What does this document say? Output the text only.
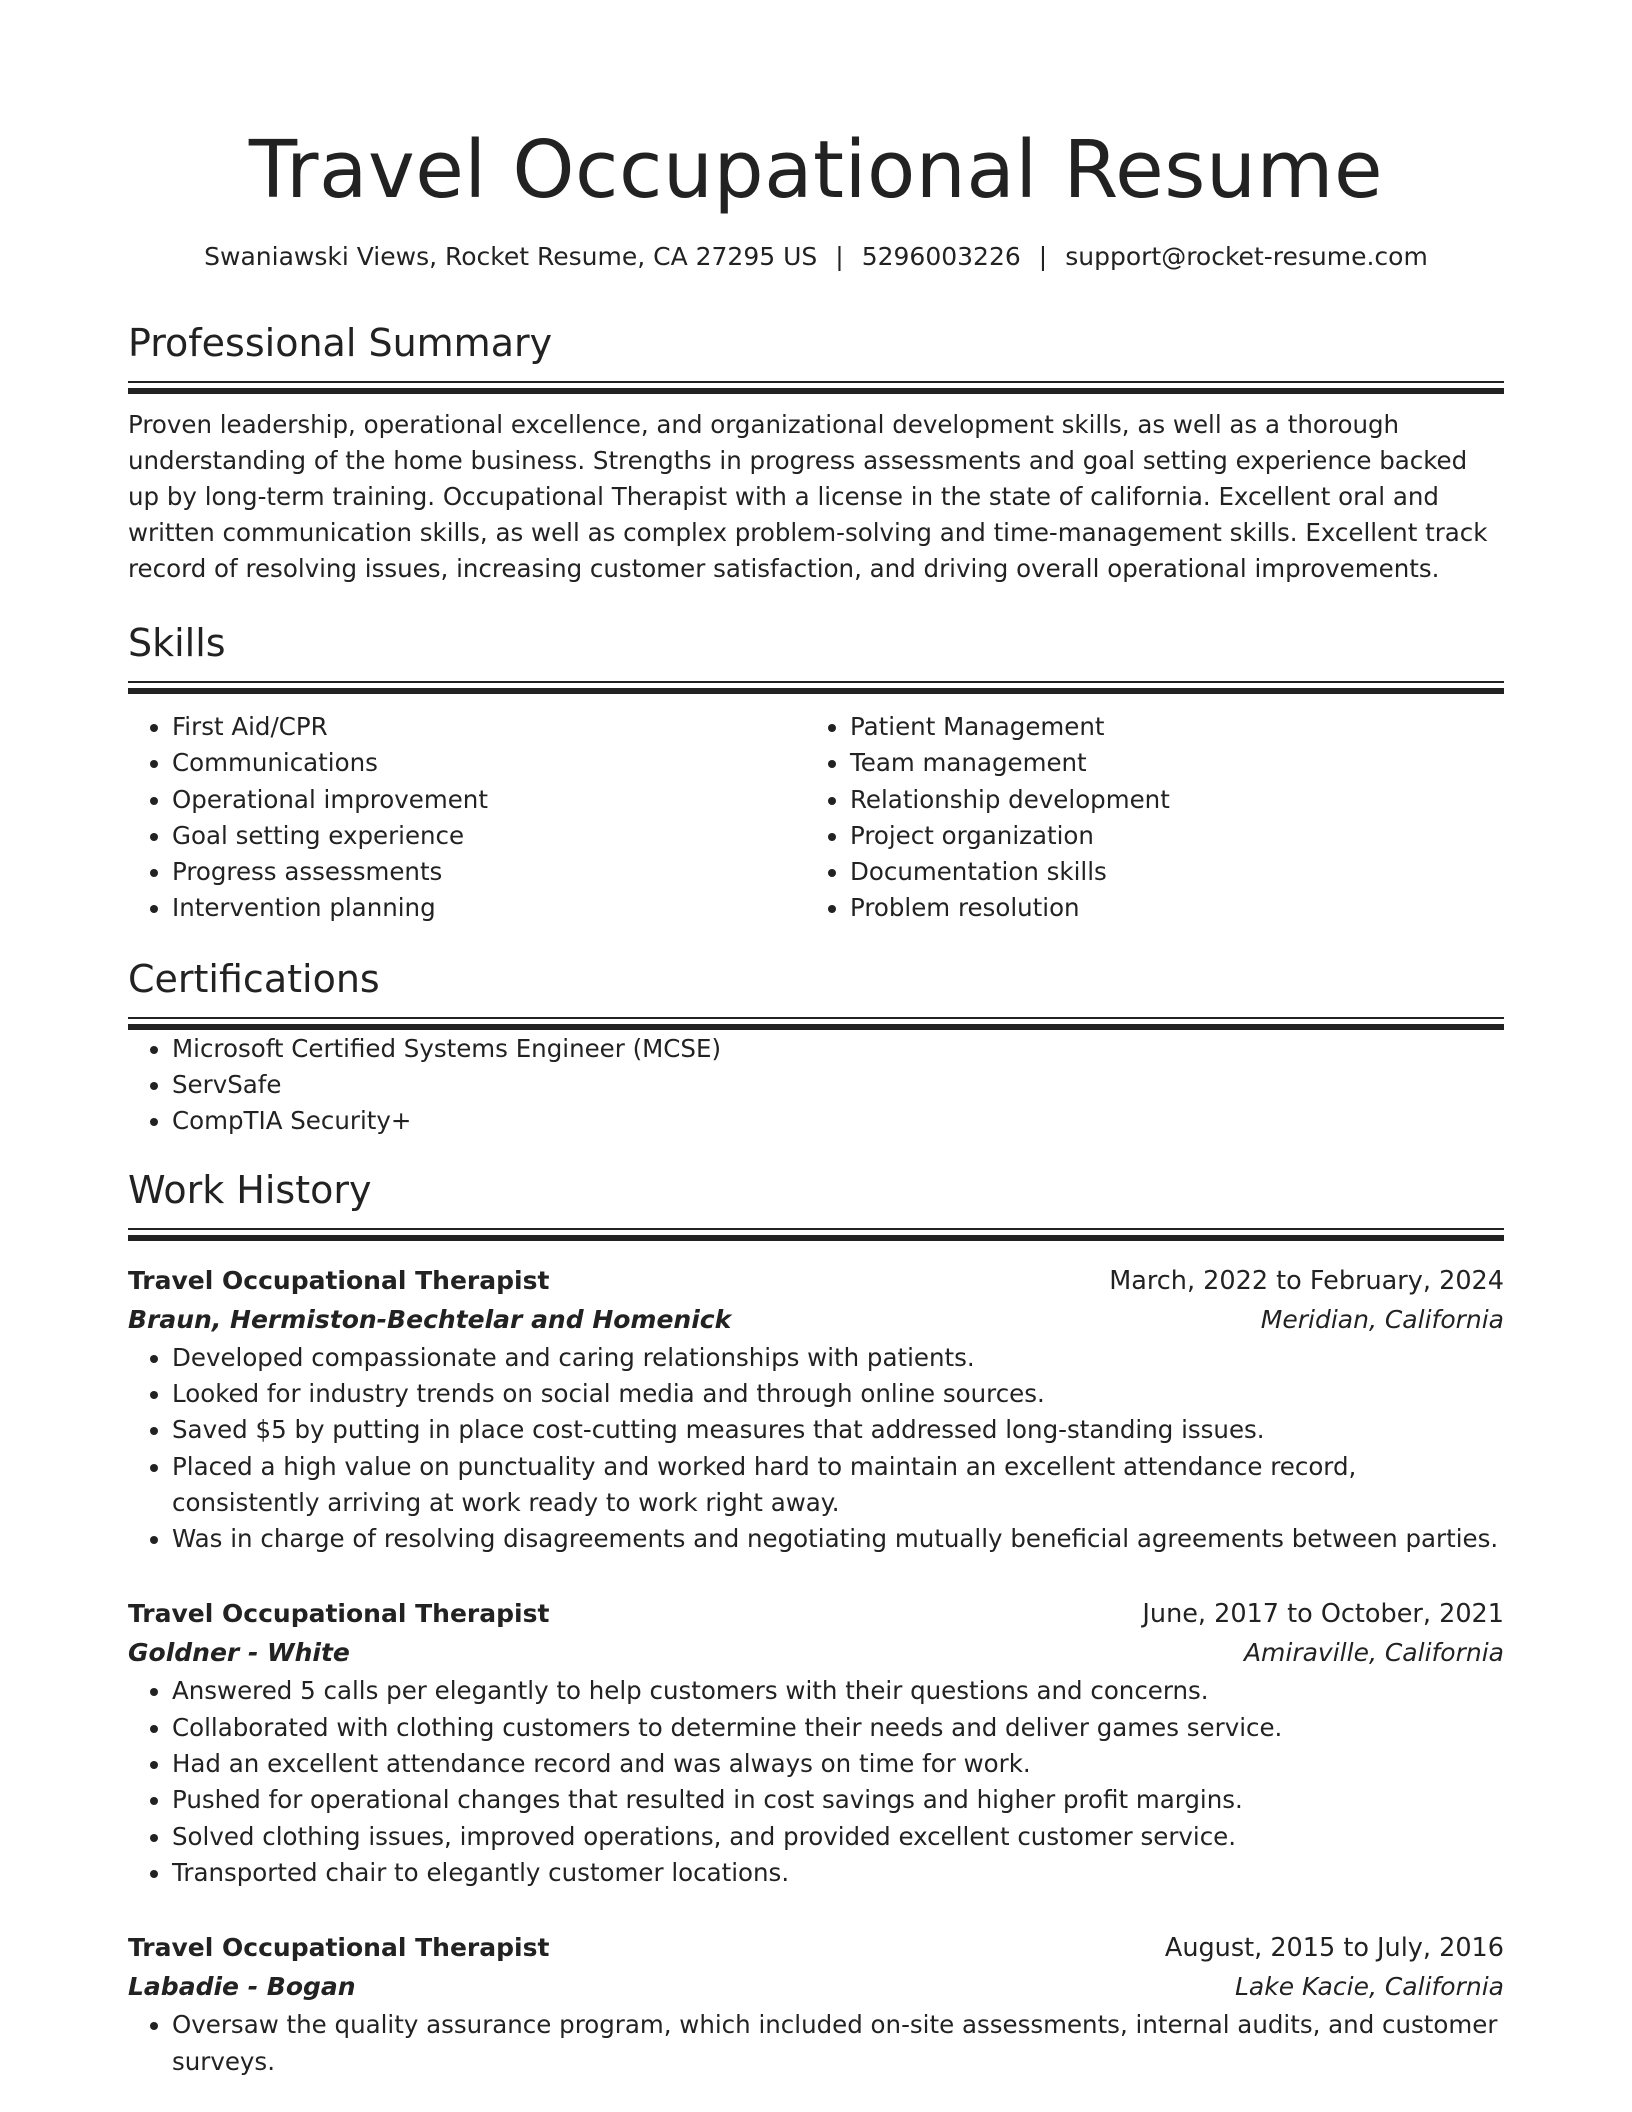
Travel Occupational Resume
Swaniawski Views, Rocket Resume, CA 27295 US | 5296003226 | support@rocket-resume.com
Professional Summary

Proven leadership, operational excellence, and organizational development skills, as well as a thorough understanding of the home business. Strengths in progress assessments and goal setting experience backed up by long-term training. Occupational Therapist with a license in the state of california. Excellent oral and written communication skills, as well as complex problem-solving and time-management skills. Excellent track record of resolving issues, increasing customer satisfaction, and driving overall operational improvements.

Skills
• First Aid/CPR
• Communications
• Operational improvement
• Goal setting experience
• Progress assessments
• Intervention planning
• Patient Management
• Team management
• Relationship development
• Project organization
• Documentation skills
• Problem resolution
Certifications
• Microsoft Certified Systems Engineer (MCSE)
• ServSafe
• CompTIA Security+
Work History
Travel Occupational Therapist	March, 2022 to February, 2024
Braun, Hermiston-Bechtelar and Homenick	Meridian, California
• Developed compassionate and caring relationships with patients.
• Looked for industry trends on social media and through online sources.
• Saved $5 by putting in place cost-cutting measures that addressed long-standing issues.
• Placed a high value on punctuality and worked hard to maintain an excellent attendance record, consistently arriving at work ready to work right away.
• Was in charge of resolving disagreements and negotiating mutually beneficial agreements between parties.
Travel Occupational Therapist	June, 2017 to October, 2021
Goldner - White	Amiraville, California
• Answered 5 calls per elegantly to help customers with their questions and concerns.
• Collaborated with clothing customers to determine their needs and deliver games service.
• Had an excellent attendance record and was always on time for work.
• Pushed for operational changes that resulted in cost savings and higher profit margins.
• Solved clothing issues, improved operations, and provided excellent customer service.
• Transported chair to elegantly customer locations.
Travel Occupational Therapist	August, 2015 to July, 2016
Labadie - Bogan	Lake Kacie, California
• Oversaw the quality assurance program, which included on-site assessments, internal audits, and customer surveys.
